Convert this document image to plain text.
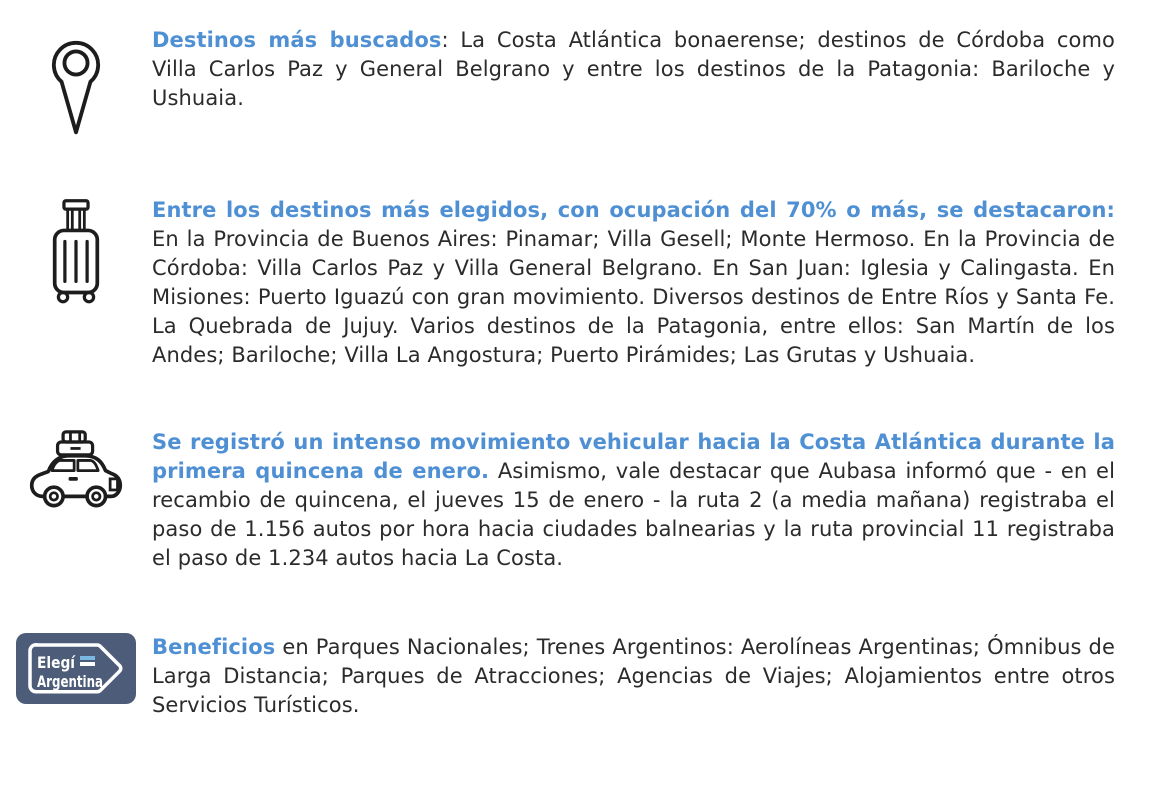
Destinos más buscados: La Costa Atlántica bonaerense; destinos de Córdoba como Villa Carlos Paz y General Belgrano y entre los destinos de la Patagonia: Bariloche y Ushuaia.

Entre los destinos más elegidos, con ocupación del 70% o más, se destacaron: En la Provincia de Buenos Aires: Pinamar; Villa Gesell; Monte Hermoso. En la Provincia de Córdoba: Villa Carlos Paz y Villa General Belgrano. En San Juan: Iglesia y Calingasta. En Misiones: Puerto Iguazú con gran movimiento. Diversos destinos de Entre Ríos y Santa Fe. La Quebrada de Jujuy. Varios destinos de la Patagonia, entre ellos: San Martín de los Andes; Bariloche; Villa La Angostura; Puerto Pirámides; Las Grutas y Ushuaia.

Se registró un intenso movimiento vehicular hacia la Costa Atlántica durante la primera quincena de enero. Asimismo, vale destacar que Aubasa informó que - en el recambio de quincena, el jueves 15 de enero - la ruta 2 (a media mañana) registraba el paso de 1.156 autos por hora hacia ciudades balnearias y la ruta provincial 11 registraba el paso de 1.234 autos hacia La Costa.

Elegí
Argentina

Beneficios en Parques Nacionales; Trenes Argentinos: Aerolíneas Argentinas; Ómnibus de Larga Distancia; Parques de Atracciones; Agencias de Viajes; Alojamientos entre otros Servicios Turísticos.
